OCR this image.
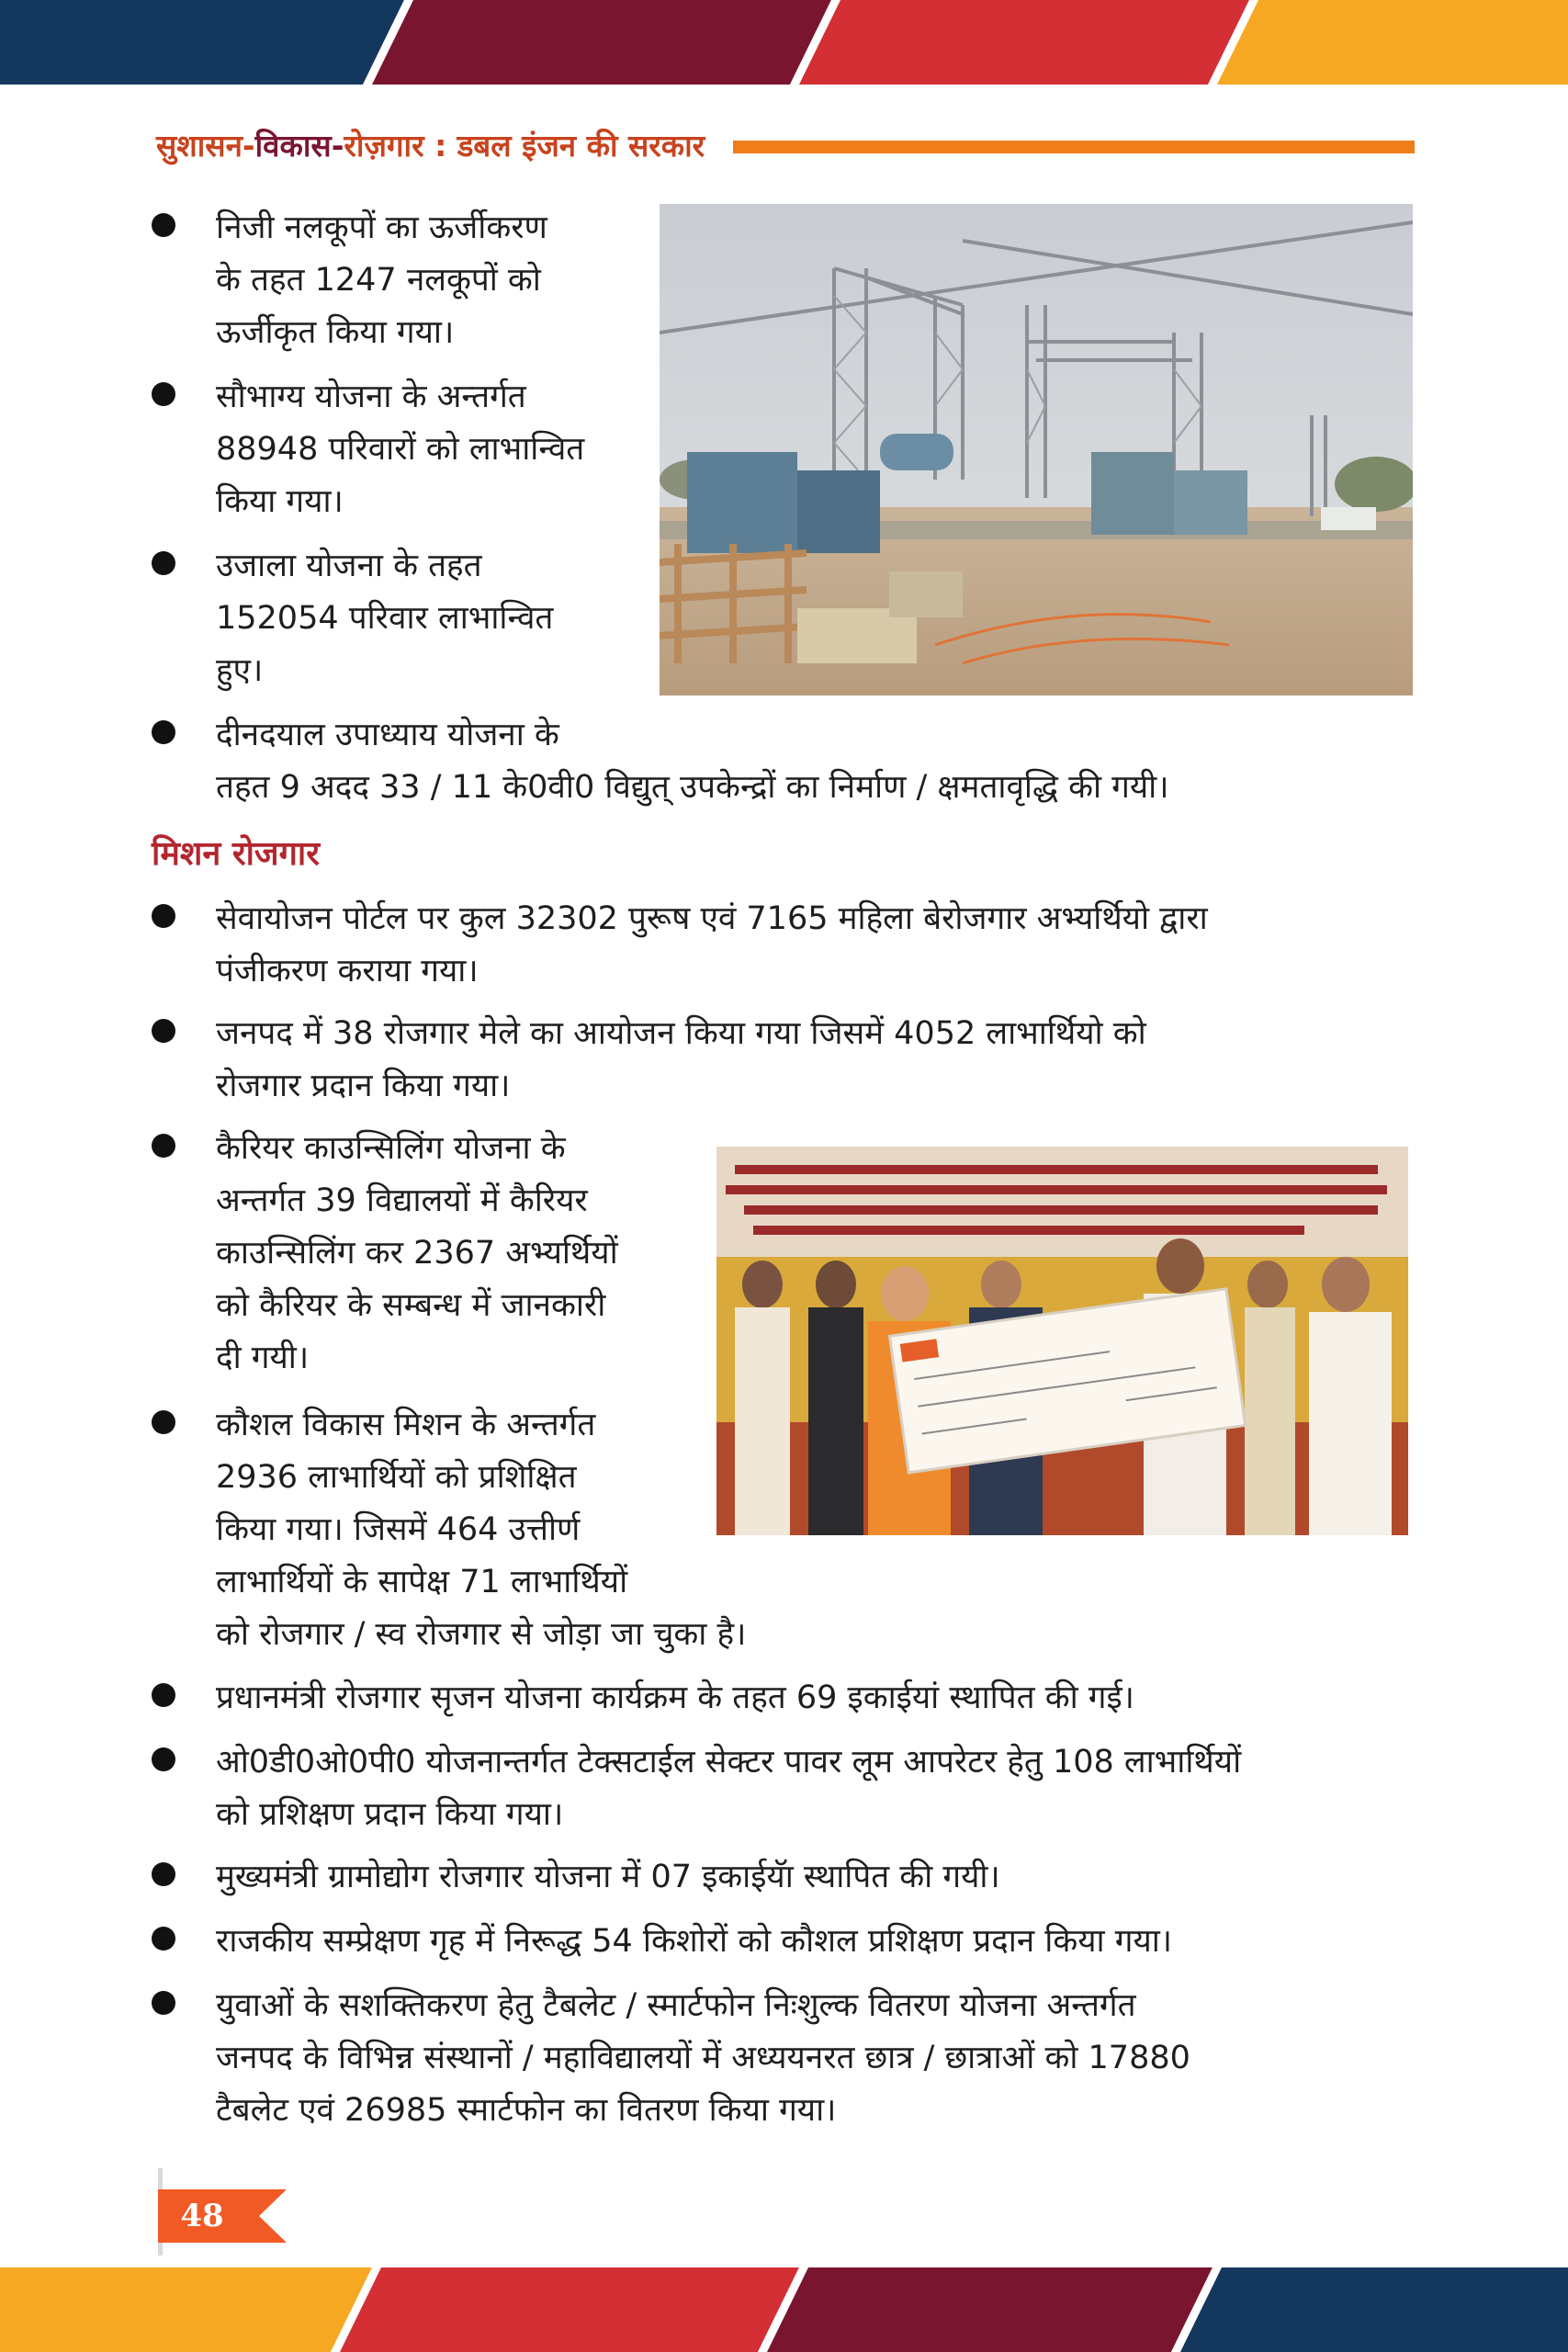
सुशासन-विकास-रोज़गार : डबल इंजन की सरकार
निजी नलकूपों का ऊर्जीकरण
के तहत 1247 नलकूपों को
ऊर्जीकृत किया गया।
सौभाग्य योजना के अन्तर्गत
88948 परिवारों को लाभान्वित
किया गया।
उजाला योजना के तहत
152054 परिवार लाभान्वित
हुए।
दीनदयाल उपाध्याय योजना के
तहत 9 अदद 33 / 11 के0वी0 विद्युत् उपकेन्द्रों का निर्माण / क्षमतावृद्धि की गयी।
मिशन रोजगार
सेवायोजन पोर्टल पर कुल 32302 पुरूष एवं 7165 महिला बेरोजगार अभ्यर्थियो द्वारा
पंजीकरण कराया गया।
जनपद में 38 रोजगार मेले का आयोजन किया गया जिसमें 4052 लाभार्थियो को
रोजगार प्रदान किया गया।
कैरियर काउन्सिलिंग योजना के
अन्तर्गत 39 विद्यालयों में कैरियर
काउन्सिलिंग कर 2367 अभ्यर्थियों
को कैरियर के सम्बन्ध में जानकारी
दी गयी।
कौशल विकास मिशन के अन्तर्गत
2936 लाभार्थियों को प्रशिक्षित
किया गया। जिसमें 464 उत्तीर्ण
लाभार्थियों के सापेक्ष 71 लाभार्थियों
को रोजगार / स्व रोजगार से जोड़ा जा चुका है।
प्रधानमंत्री रोजगार सृजन योजना कार्यक्रम के तहत 69 इकाईयां स्थापित की गई।
ओ0डी0ओ0पी0 योजनान्तर्गत टेक्सटाईल सेक्टर पावर लूम आपरेटर हेतु 108 लाभार्थियों
को प्रशिक्षण प्रदान किया गया।
मुख्यमंत्री ग्रामोद्योग रोजगार योजना में 07 इकाईयॅा स्थापित की गयी।
राजकीय सम्प्रेक्षण गृह में निरूद्ध 54 किशोरों को कौशल प्रशिक्षण प्रदान किया गया।
युवाओं के सशक्तिकरण हेतु टैबलेट / स्मार्टफोन निःशुल्क वितरण योजना अन्तर्गत
जनपद के विभिन्न संस्थानों / महाविद्यालयों में अध्ययनरत छात्र / छात्राओं को 17880
टैबलेट एवं 26985 स्मार्टफोन का वितरण किया गया।
48
